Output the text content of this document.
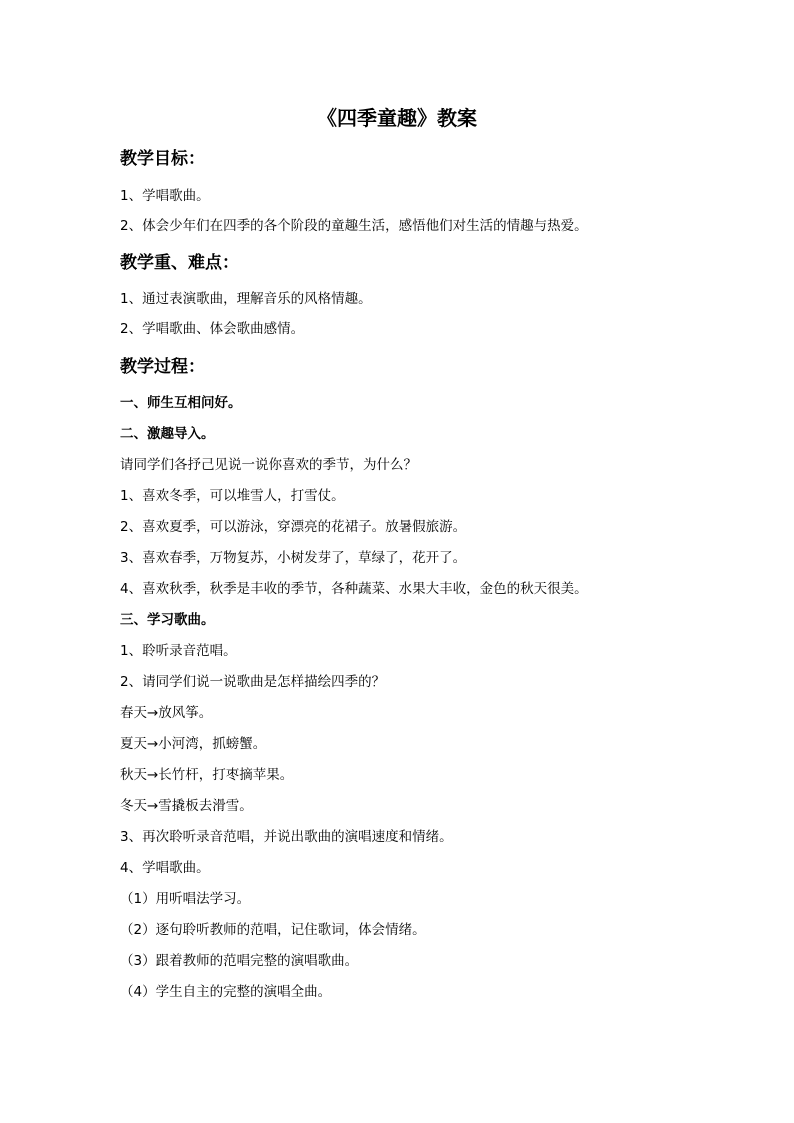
《四季童趣》教案
教学目标：
1、学唱歌曲。
2、体会少年们在四季的各个阶段的童趣生活，感悟他们对生活的情趣与热爱。
教学重、难点：
1、通过表演歌曲，理解音乐的风格情趣。
2、学唱歌曲、体会歌曲感情。
教学过程：
一、师生互相问好。
二、激趣导入。
请同学们各抒己见说一说你喜欢的季节，为什么？
1、喜欢冬季，可以堆雪人，打雪仗。
2、喜欢夏季，可以游泳，穿漂亮的花裙子。放暑假旅游。
3、喜欢春季，万物复苏，小树发芽了，草绿了，花开了。
4、喜欢秋季，秋季是丰收的季节，各种蔬菜、水果大丰收，金色的秋天很美。
三、学习歌曲。
1、聆听录音范唱。
2、请同学们说一说歌曲是怎样描绘四季的？
春天→放风筝。
夏天→小河湾，抓螃蟹。
秋天→长竹杆，打枣摘苹果。
冬天→雪撬板去滑雪。
3、再次聆听录音范唱，并说出歌曲的演唱速度和情绪。
4、学唱歌曲。
（1）用听唱法学习。
（2）逐句聆听教师的范唱，记住歌词，体会情绪。
（3）跟着教师的范唱完整的演唱歌曲。
（4）学生自主的完整的演唱全曲。
